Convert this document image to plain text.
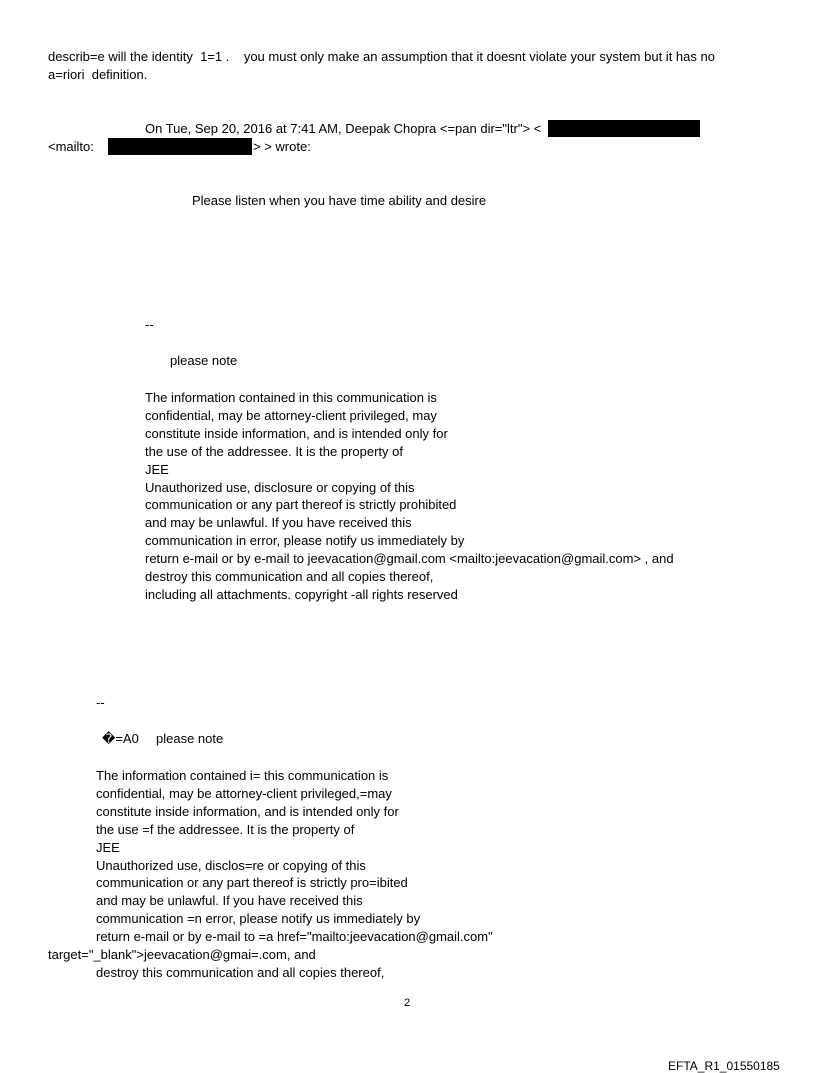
describ=e will the identity  1=1 .    you must only make an assumption that it doesnt violate your system but it has no

a=riori  definition.

On Tue, Sep 20, 2016 at 7:41 AM, Deepak Chopra <=pan dir="ltr"> <

<mailto:	> > wrote:

Please listen when you have time ability and desire

--

please note

The information contained in this communication is

confidential, may be attorney-client privileged, may

constitute inside information, and is intended only for

the use of the addressee. It is the property of

JEE

Unauthorized use, disclosure or copying of this

communication or any part thereof is strictly prohibited

and may be unlawful. If you have received this

communication in error, please notify us immediately by

return e-mail or by e-mail to jeevacation@gmail.com <mailto:jeevacation@gmail.com> , and

destroy this communication and all copies thereof,

including all attachments. copyright -all rights reserved

--

�=A0 please note

The information contained i= this communication is

confidential, may be attorney-client privileged,=may

constitute inside information, and is intended only for

the use =f the addressee. It is the property of

JEE

Unauthorized use, disclos=re or copying of this

communication or any part thereof is strictly pro=ibited

and may be unlawful. If you have received this

communication =n error, please notify us immediately by

return e-mail or by e-mail to =a href="mailto:jeevacation@gmail.com"

target="_blank">jeevacation@gmai=.com, and

destroy this communication and all copies thereof,

2
EFTA_R1_01550185
